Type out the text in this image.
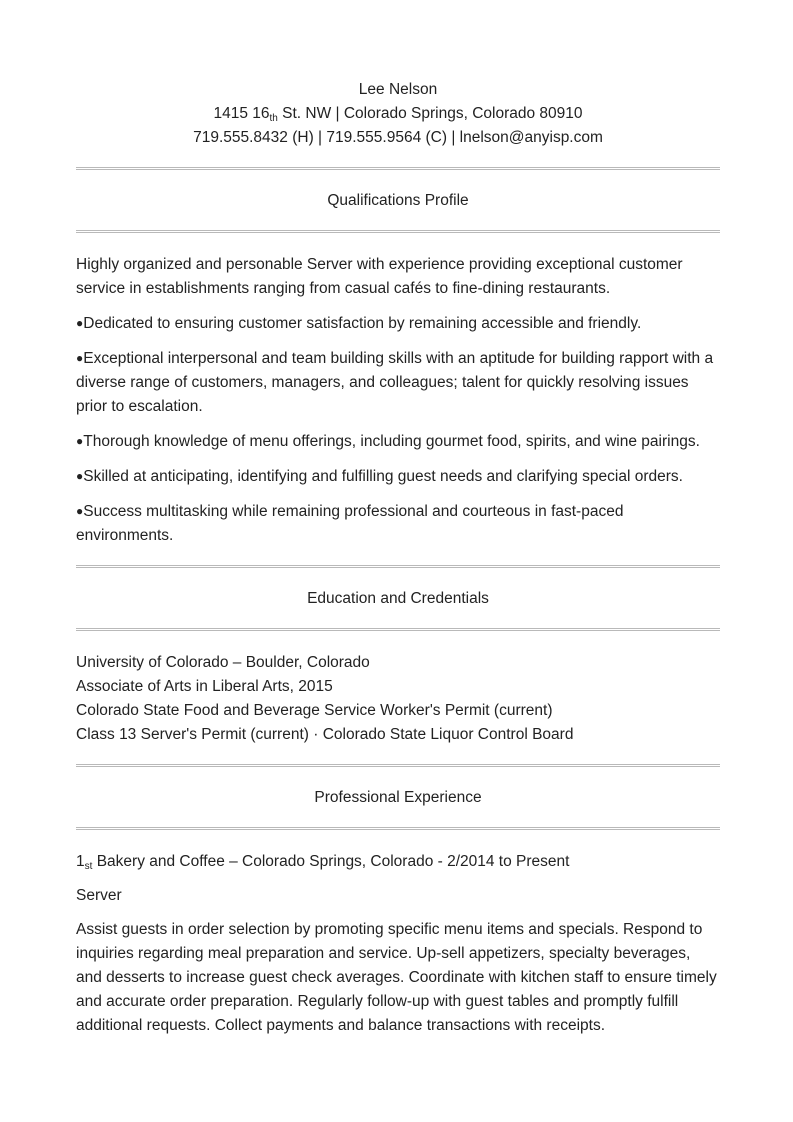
Lee Nelson
1415 $16_{th}$ St. NW | Colorado Springs, Colorado 80910
719.555.8432 (H) | 719.555.9564 (C) | lnelson@anyisp.com
Qualifications Profile

Highly organized and personable Server with experience providing exceptional customer service in establishments ranging from casual cafés to fine-dining restaurants.

●Dedicated to ensuring customer satisfaction by remaining accessible and friendly.

●Exceptional interpersonal and team building skills with an aptitude for building rapport with a diverse range of customers, managers, and colleagues; talent for quickly resolving issues prior to escalation.

●Thorough knowledge of menu offerings, including gourmet food, spirits, and wine pairings.

●Skilled at anticipating, identifying and fulfilling guest needs and clarifying special orders.

●Success multitasking while remaining professional and courteous in fast-paced environments.

Education and Credentials
University of Colorado – Boulder, Colorado
Associate of Arts in Liberal Arts, 2015
Colorado State Food and Beverage Service Worker's Permit (current)
Class 13 Server's Permit (current) · Colorado State Liquor Control Board
Professional Experience

$1_{st}$ Bakery and Coffee – Colorado Springs, Colorado - 2/2014 to Present

Server

Assist guests in order selection by promoting specific menu items and specials. Respond to inquiries regarding meal preparation and service. Up-sell appetizers, specialty beverages, and desserts to increase guest check averages. Coordinate with kitchen staff to ensure timely and accurate order preparation. Regularly follow-up with guest tables and promptly fulfill additional requests. Collect payments and balance transactions with receipts.
